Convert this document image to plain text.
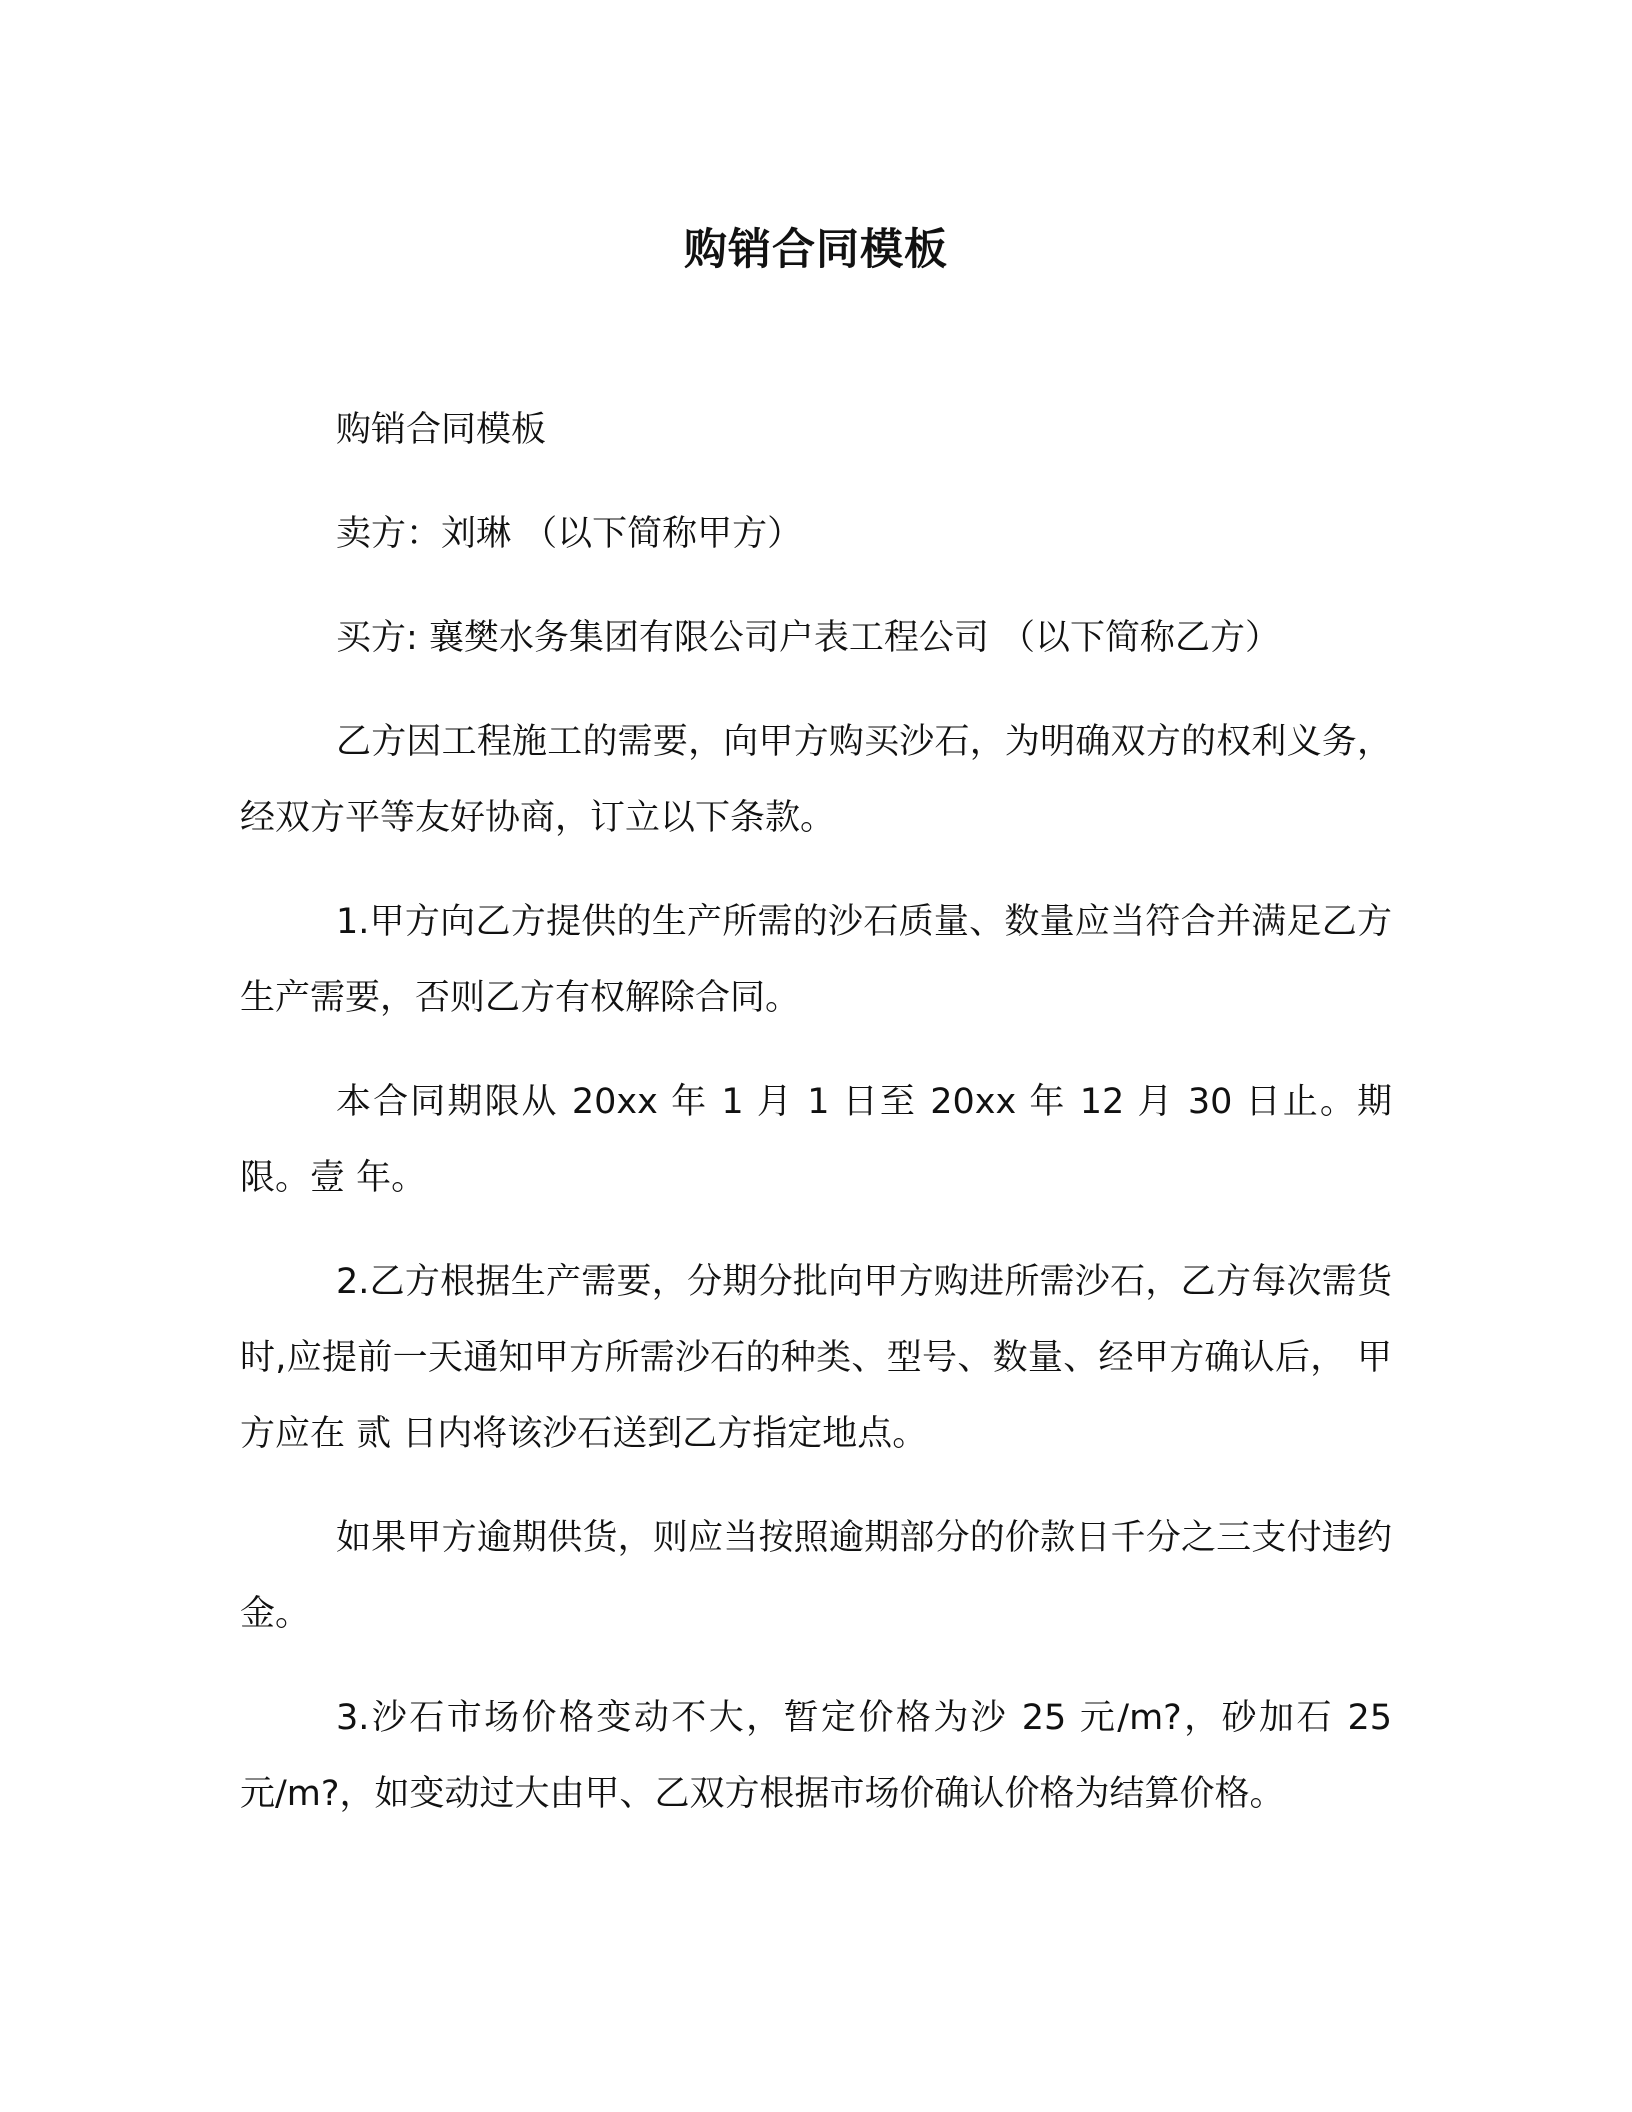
购销合同模板

购销合同模板

卖方：刘琳 （以下简称甲方）

买方: 襄樊水务集团有限公司户表工程公司 （以下简称乙方）

乙方因工程施工的需要，向甲方购买沙石，为明确双方的权利义务，经双方平等友好协商，订立以下条款。

1.甲方向乙方提供的生产所需的沙石质量、数量应当符合并满足乙方生产需要，否则乙方有权解除合同。

本合同期限从 20xx 年 1 月 1 日至 20xx 年 12 月 30 日止。期限。壹 年。

2.乙方根据生产需要，分期分批向甲方购进所需沙石，乙方每次需货时,应提前一天通知甲方所需沙石的种类、型号、数量、经甲方确认后， 甲方应在 贰 日内将该沙石送到乙方指定地点。

如果甲方逾期供货，则应当按照逾期部分的价款日千分之三支付违约金。

3.沙石市场价格变动不大，暂定价格为沙 25 元/m?，砂加石 25 元/m?，如变动过大由甲、乙双方根据市场价确认价格为结算价格。
